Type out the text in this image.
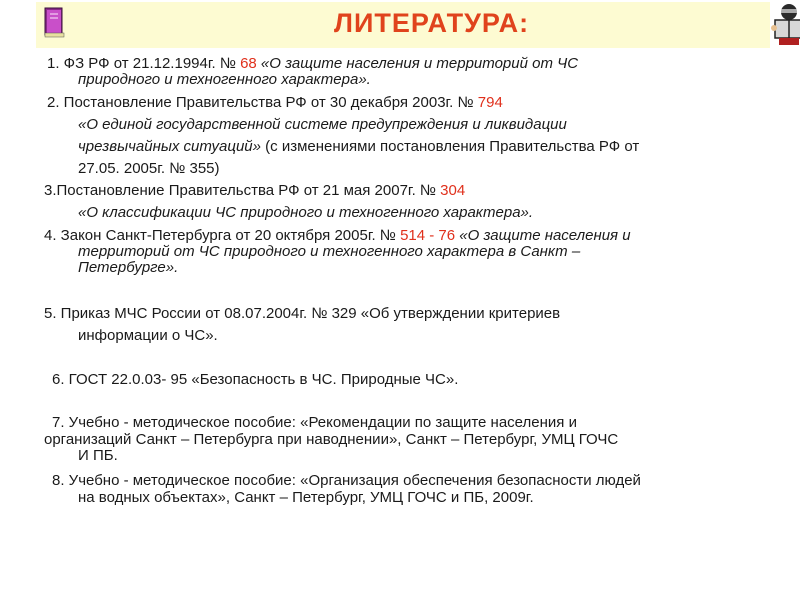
ЛИТЕРАТУРА:
1. ФЗ РФ от 21.12.1994г. № 68 «О защите населения и территорий от ЧС
природного и техногенного характера».
2. Постановление Правительства РФ от 30 декабря 2003г. № 794
«О единой государственной системе предупреждения и ликвидации
чрезвычайных ситуаций» (с изменениями постановления Правительства РФ от
27.05. 2005г. № 355)
3.Постановление Правительства РФ от 21 мая 2007г. № 304
«О классификации ЧС природного и техногенного характера».
4. Закон Санкт-Петербурга от 20 октября 2005г. № 514 - 76 «О защите населения и
территорий от ЧС природного и техногенного характера в Санкт –
Петербурге».
5. Приказ МЧС России от 08.07.2004г. № 329 «Об утверждении критериев
информации о ЧС».
6. ГОСТ 22.0.03- 95 «Безопасность в ЧС. Природные ЧС».
7. Учебно - методическое пособие: «Рекомендации по защите населения и
организаций Санкт – Петербурга при наводнении», Санкт – Петербург, УМЦ ГОЧС
И ПБ.
8. Учебно - методическое пособие: «Организация обеспечения безопасности людей
на водных объектах», Санкт – Петербург, УМЦ ГОЧС и ПБ, 2009г.
